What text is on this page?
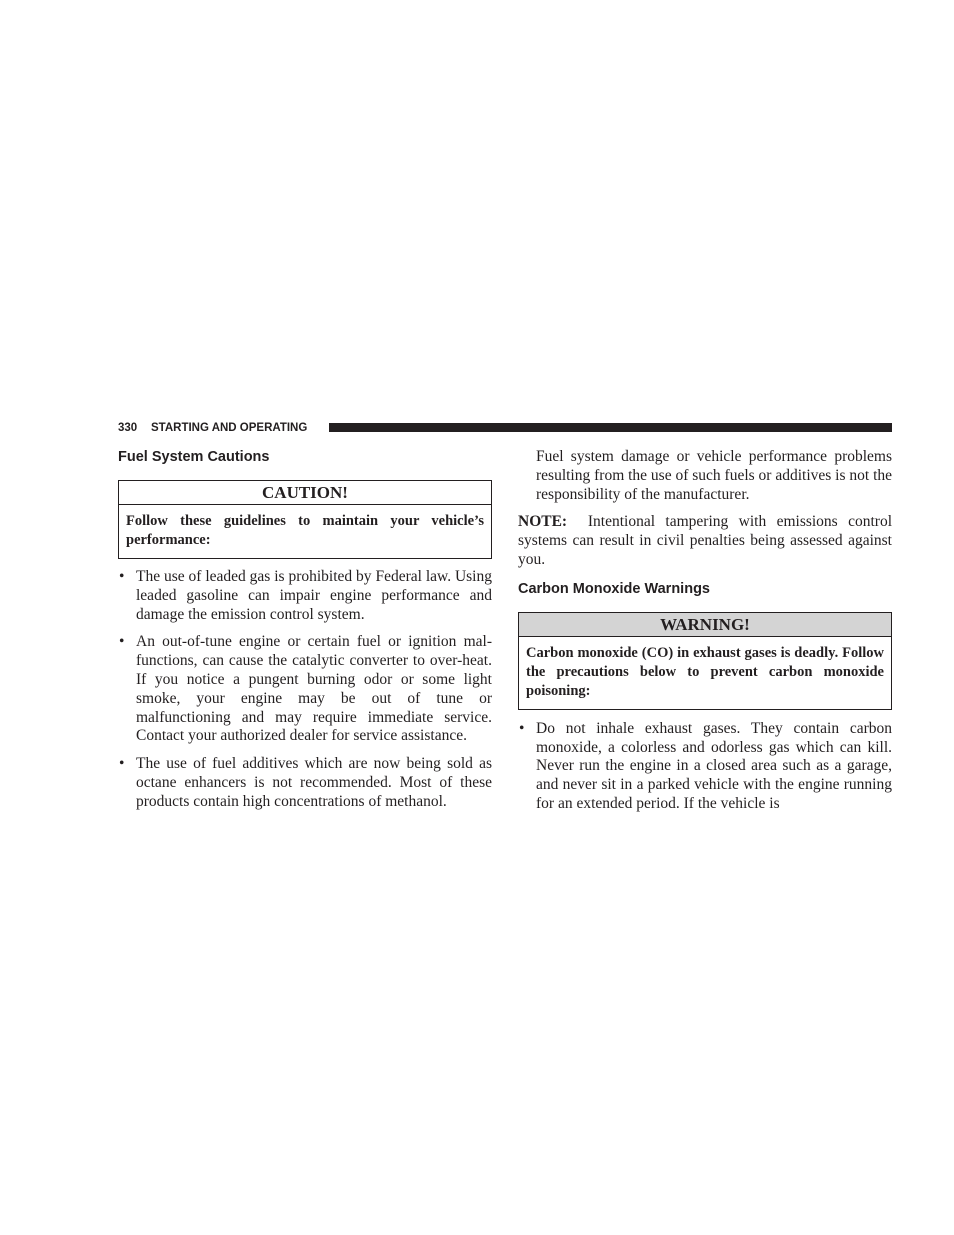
330 STARTING AND OPERATING
Fuel System Cautions
CAUTION!
Follow these guidelines to maintain your vehicle’s performance:
• The use of leaded gas is prohibited by Federal law. Using leaded gasoline can impair engine performance and damage the emission control system.
• An out-of-tune engine or certain fuel or ignition mal-functions, can cause the catalytic converter to over-heat. If you notice a pungent burning odor or some light smoke, your engine may be out of tune or malfunctioning and may require immediate service. Contact your authorized dealer for service assistance.
• The use of fuel additives which are now being sold as octane enhancers is not recommended. Most of these products contain high concentrations of methanol.

Fuel system damage or vehicle performance problems resulting from the use of such fuels or additives is not the responsibility of the manufacturer.

NOTE: Intentional tampering with emissions control systems can result in civil penalties being assessed against you.

Carbon Monoxide Warnings
WARNING!
Carbon monoxide (CO) in exhaust gases is deadly. Follow the precautions below to prevent carbon monoxide poisoning:
• Do not inhale exhaust gases. They contain carbon monoxide, a colorless and odorless gas which can kill. Never run the engine in a closed area such as a garage, and never sit in a parked vehicle with the engine running for an extended period. If the vehicle is
